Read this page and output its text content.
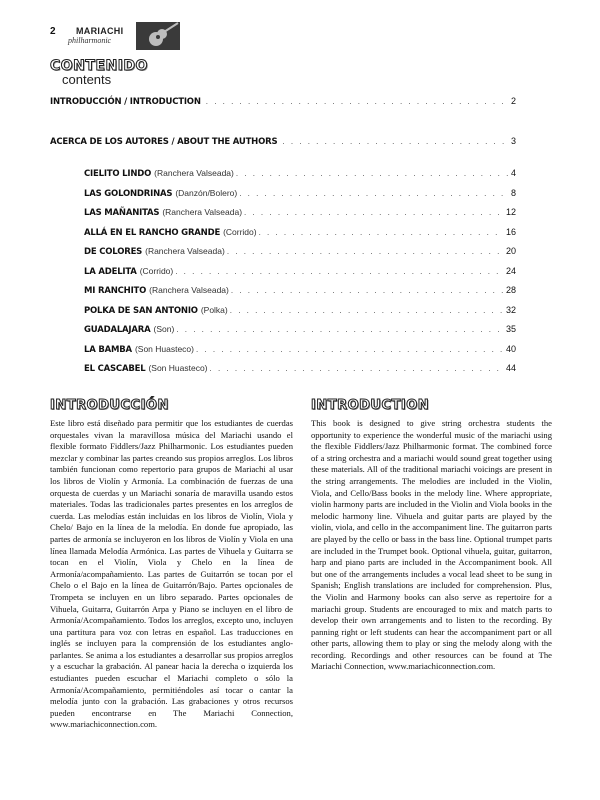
2 MARIACHI
philharmonic
CONTENIDO
contents
INTRODUCCIÓN / INTRODUCTION . . .	2
ACERCA DE LOS AUTORES / ABOUT THE AUTHORS . . .	3
CIELITO LINDO (Ranchera Valseada) . . .	4
LAS GOLONDRINAS (Danzón/Bolero) . . .	8
LAS MAÑANITAS (Ranchera Valseada) . . .	12
ALLÁ EN EL RANCHO GRANDE (Corrido) . . .	16
DE COLORES (Ranchera Valseada) . . .	20
LA ADELITA (Corrido) . . .	24
MI RANCHITO (Ranchera Valseada) . . .	28
POLKA DE SAN ANTONIO (Polka) . . .	32
GUADALAJARA (Son) . . .	35
LA BAMBA (Son Huasteco) . . .	40
EL CASCABEL (Son Huasteco) . . .	44
INTRODUCCIÓN

Este libro está diseñado para permitir que los estudiantes de cuerdas orquestales vivan la maravillosa música del Mariachi usando el flexible formato Fiddlers/Jazz Philharmonic. Los estudiantes pueden mezclar y combinar las partes creando sus propios arreglos. Los libros también funcionan como repertorio para grupos de Mariachi al usar los libros de Violín y Armonía. La combinación de fuerzas de una orquesta de cuerdas y un Mariachi sonaría de maravilla usando estos materiales. Todas las tradicionales partes presentes en los arreglos de cuerda. Las melodías están incluidas en los libros de Violín, Viola y Chelo/ Bajo en la línea de la melodía. En donde fue apropiado, las partes de armonía se incluyeron en los libros de Violín y Viola en una línea llamada Melodía Armónica. Las partes de Vihuela y Guitarra se tocan en el Violín, Viola y Chelo en la línea de Armonía/acompañamiento. Las partes de Guitarrón se tocan por el Chelo o el Bajo en la línea de Guitarrón/Bajo. Partes opcionales de Trompeta se incluyen en un libro separado. Partes opcionales de Vihuela, Guitarra, Guitarrón Arpa y Piano se incluyen en el libro de Armonía/Acompañamiento. Todos los arreglos, excepto uno, incluyen una partitura para voz con letras en español. Las traducciones en inglés se incluyen para la comprensión de los estudiantes anglo-parlantes. Se anima a los estudiantes a desarrollar sus propios arreglos y a escuchar la grabación. Al panear hacia la derecha o izquierda los estudiantes pueden escuchar el Mariachi completo o sólo la Armonía/Acompañamiento, permitiéndoles así tocar o cantar la melodía junto con la grabación. Las grabaciones y otros recursos pueden encontrarse en The Mariachi Connection, www.mariachiconnection.com.

INTRODUCTION

This book is designed to give string orchestra students the opportunity to experience the wonderful music of the mariachi using the flexible Fiddlers/Jazz Philharmonic format. The combined force of a string orchestra and a mariachi would sound great together using these materials. All of the traditional mariachi voicings are present in the string arrangements. The melodies are included in the Violin, Viola, and Cello/Bass books in the melody line. Where appropriate, violin harmony parts are included in the Violin and Viola books in the melodic harmony line. Vihuela and guitar parts are played by the violin, viola, and cello in the accompaniment line. The guitarron parts are played by the cello or bass in the bass line. Optional trumpet parts are included in the Trumpet book. Optional vihuela, guitar, guitarron, harp and piano parts are included in the Accompaniment book. All but one of the arrangements includes a vocal lead sheet to be sung in Spanish; English translations are included for comprehension. Plus, the Violin and Harmony books can also serve as repertoire for a mariachi group. Students are encouraged to mix and match parts to develop their own arrangements and to listen to the recording. By panning right or left students can hear the accompaniment part or all other parts, allowing them to play or sing the melody along with the recording. Recordings and other resources can be found at The Mariachi Connection, www.mariachiconnection.com.
